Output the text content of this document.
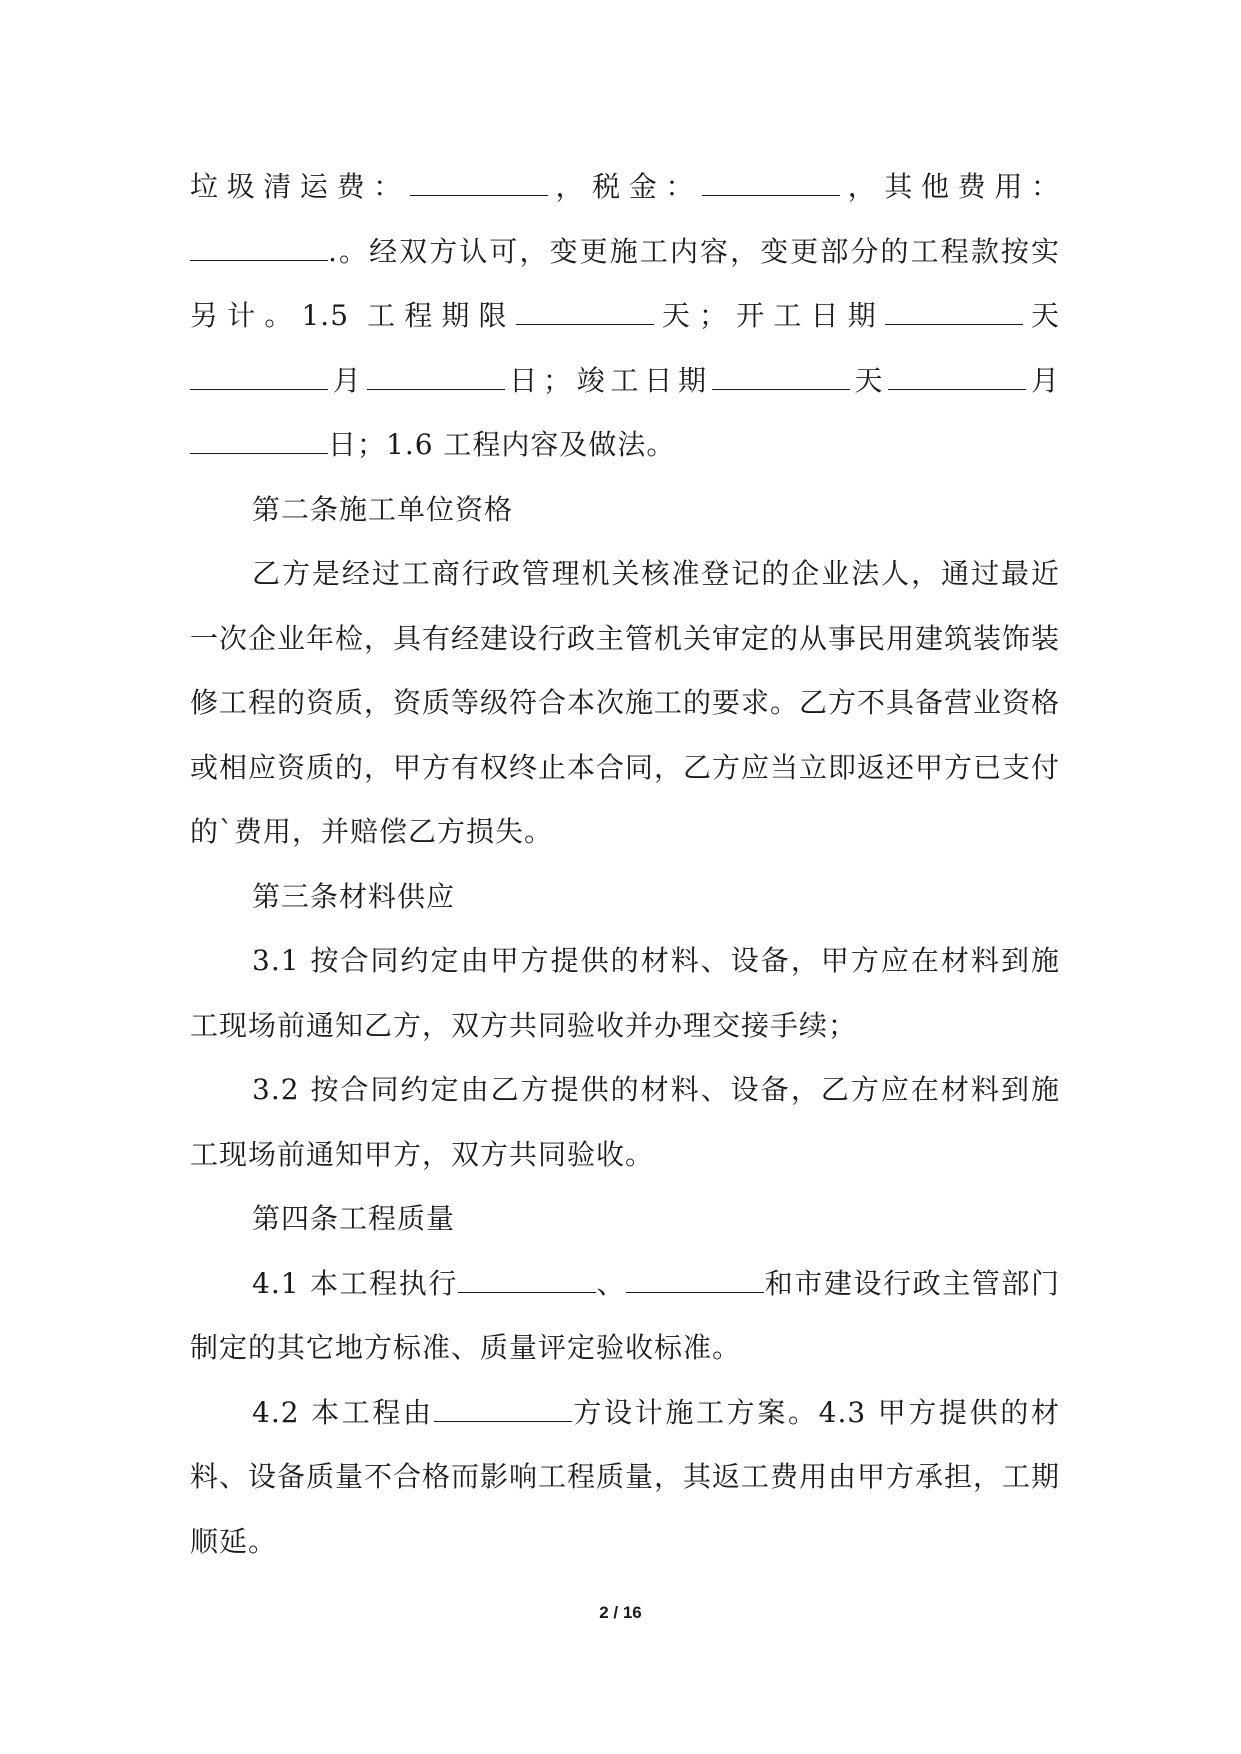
垃圾清运费：	，税金：	，其他费用：.。经双方认可，变更施工内容，变更部分的工程款按实另计。1.5 工程期限	天；开工日期	天月	日；竣工日期	天	月日；1.6 工程内容及做法。

第二条施工单位资格

乙方是经过工商行政管理机关核准登记的企业法人，通过最近一次企业年检，具有经建设行政主管机关审定的从事民用建筑装饰装修工程的资质，资质等级符合本次施工的要求。乙方不具备营业资格或相应资质的，甲方有权终止本合同，乙方应当立即返还甲方已支付的`费用，并赔偿乙方损失。

第三条材料供应

3.1 按合同约定由甲方提供的材料、设备，甲方应在材料到施工现场前通知乙方，双方共同验收并办理交接手续；

3.2 按合同约定由乙方提供的材料、设备，乙方应在材料到施工现场前通知甲方，双方共同验收。

第四条工程质量

4.1 本工程执行	、	和市建设行政主管部门制定的其它地方标准、质量评定验收标准。

4.2 本工程由	方设计施工方案。4.3 甲方提供的材料、设备质量不合格而影响工程质量，其返工费用由甲方承担，工期顺延。

2 / 16
